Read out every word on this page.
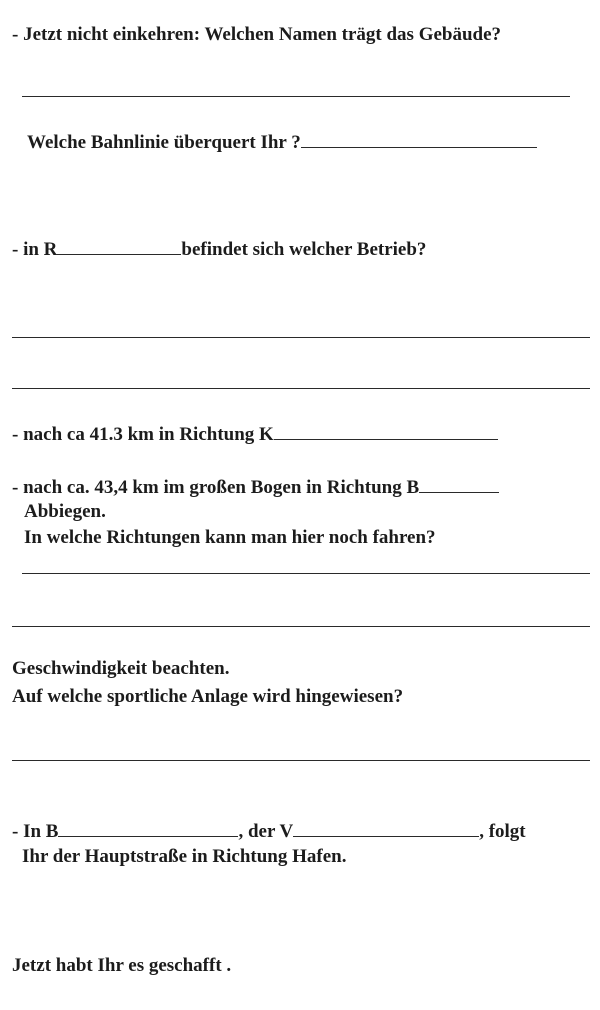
- Jetzt nicht einkehren: Welchen Namen trägt das Gebäude?
Welche Bahnlinie überquert Ihr ?
- in R	befindet sich welcher Betrieb?
- nach ca 41.3 km in Richtung K
- nach ca. 43,4 km im großen Bogen in Richtung B
Abbiegen.
In welche Richtungen kann man hier noch fahren?
Geschwindigkeit beachten.
Auf welche sportliche Anlage wird hingewiesen?
- In B	, der V	, folgt
Ihr der Hauptstraße in Richtung Hafen.
Jetzt habt Ihr es geschafft .
